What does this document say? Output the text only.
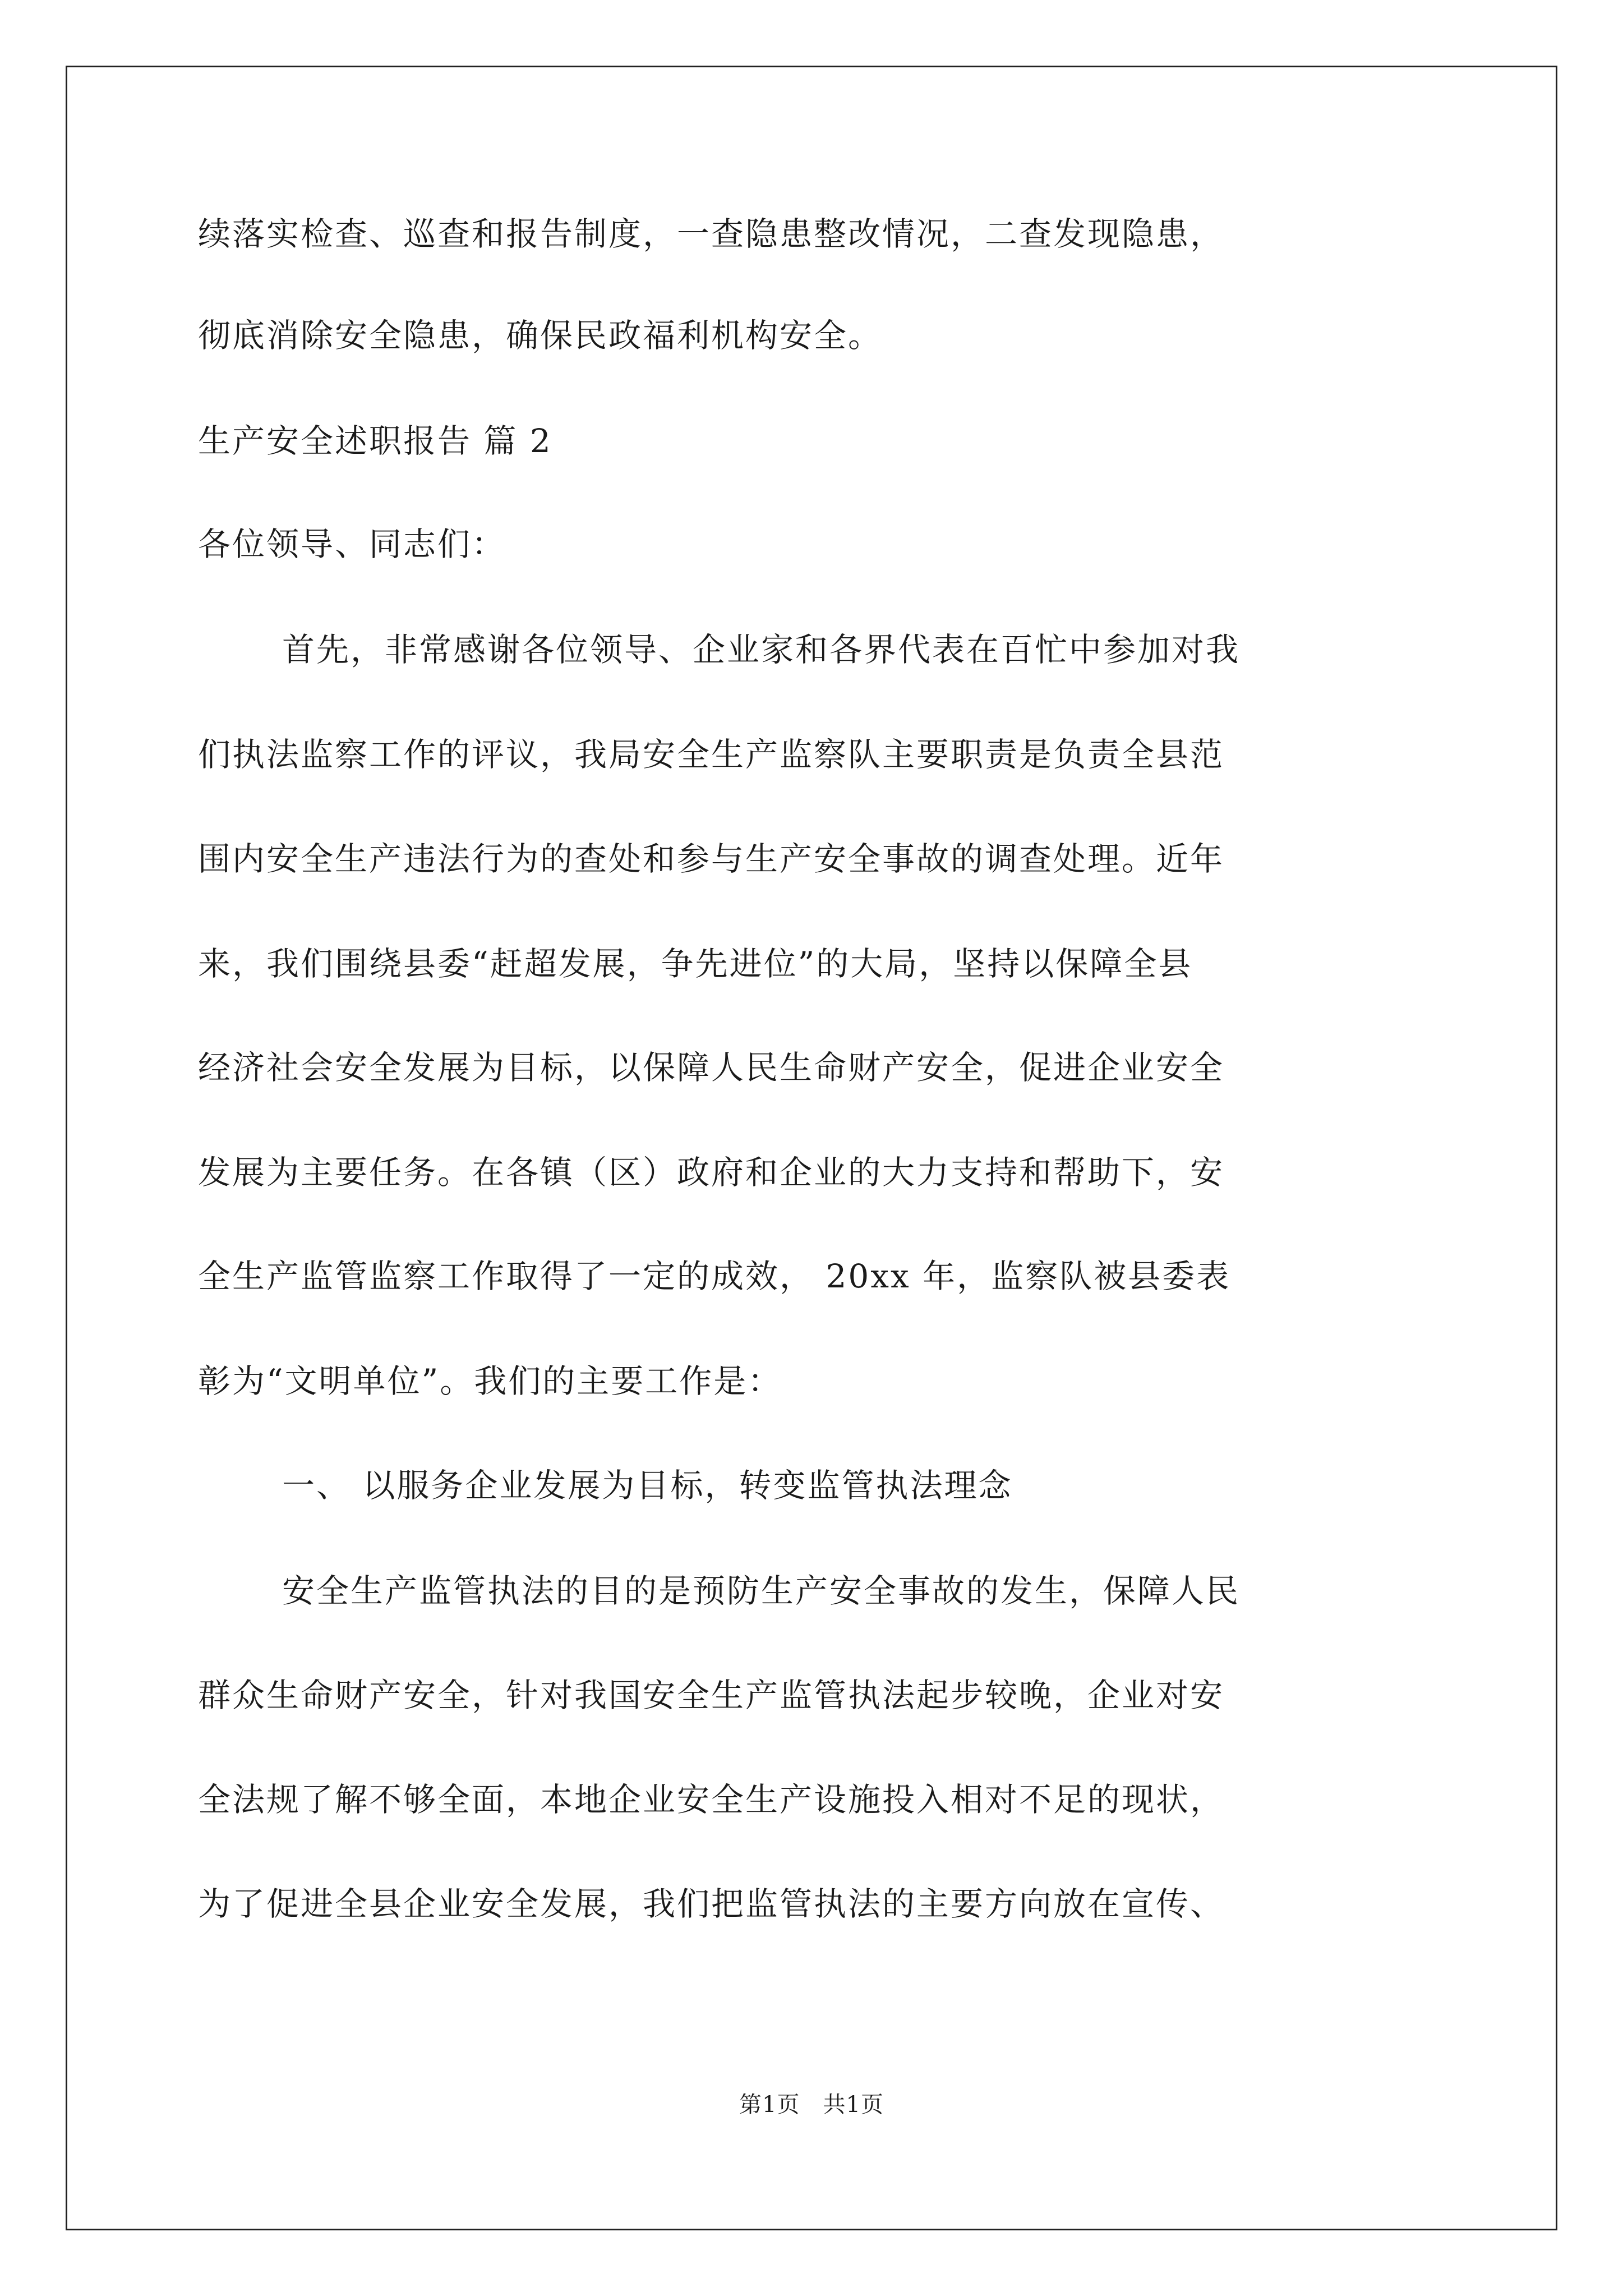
续落实检查、巡查和报告制度，一查隐患整改情况，二查发现隐患，
彻底消除安全隐患，确保民政福利机构安全。
生产安全述职报告 篇 2
各位领导、同志们：
首先，非常感谢各位领导、企业家和各界代表在百忙中参加对我
们执法监察工作的评议，我局安全生产监察队主要职责是负责全县范
围内安全生产违法行为的查处和参与生产安全事故的调查处理。近年
来，我们围绕县委“赶超发展，争先进位”的大局，坚持以保障全县
经济社会安全发展为目标，以保障人民生命财产安全，促进企业安全
发展为主要任务。在各镇（区）政府和企业的大力支持和帮助下，安
全生产监管监察工作取得了一定的成效， 20xx 年，监察队被县委表
彰为“文明单位”。我们的主要工作是：
一、 以服务企业发展为目标，转变监管执法理念
安全生产监管执法的目的是预防生产安全事故的发生，保障人民
群众生命财产安全，针对我国安全生产监管执法起步较晚，企业对安
全法规了解不够全面，本地企业安全生产设施投入相对不足的现状，
为了促进全县企业安全发展，我们把监管执法的主要方向放在宣传、
第1页　共1页
